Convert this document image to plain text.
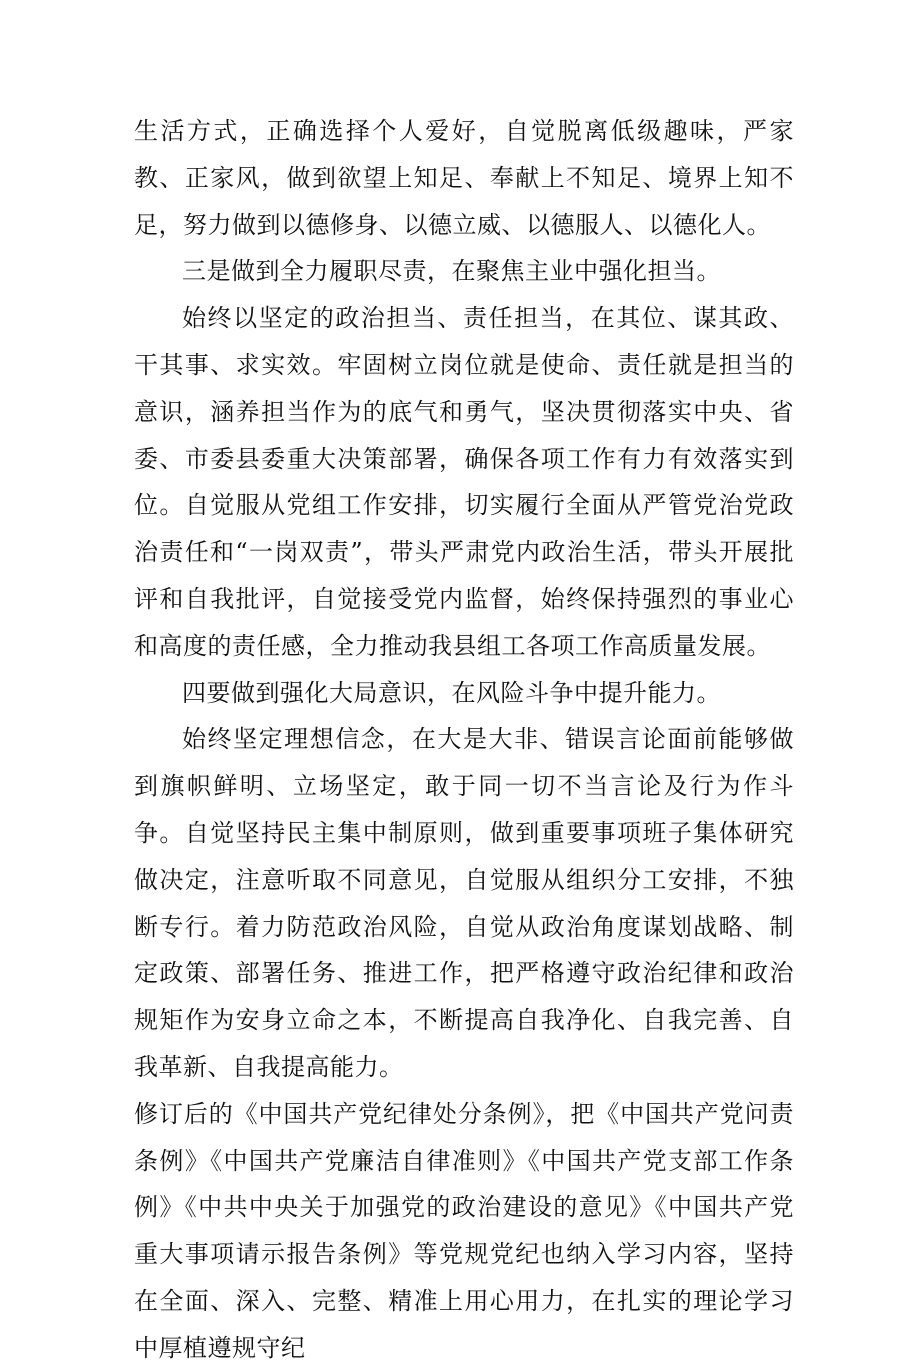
生活方式，正确选择个人爱好，自觉脱离低级趣味，严家教、正家风，做到欲望上知足、奉献上不知足、境界上知不足，努力做到以德修身、以德立威、以德服人、以德化人。

三是做到全力履职尽责，在聚焦主业中强化担当。

始终以坚定的政治担当、责任担当，在其位、谋其政、干其事、求实效。牢固树立岗位就是使命、责任就是担当的意识，涵养担当作为的底气和勇气，坚决贯彻落实中央、省委、市委县委重大决策部署，确保各项工作有力有效落实到位。自觉服从党组工作安排，切实履行全面从严管党治党政治责任和“一岗双责”，带头严肃党内政治生活，带头开展批评和自我批评，自觉接受党内监督，始终保持强烈的事业心和高度的责任感，全力推动我县组工各项工作高质量发展。

四要做到强化大局意识，在风险斗争中提升能力。

始终坚定理想信念，在大是大非、错误言论面前能够做到旗帜鲜明、立场坚定，敢于同一切不当言论及行为作斗争。自觉坚持民主集中制原则，做到重要事项班子集体研究做决定，注意听取不同意见，自觉服从组织分工安排，不独断专行。着力防范政治风险，自觉从政治角度谋划战略、制定政策、部署任务、推进工作，把严格遵守政治纪律和政治规矩作为安身立命之本，不断提高自我净化、自我完善、自我革新、自我提高能力。

修订后的《中国共产党纪律处分条例》，把《中国共产党问责条例》《中国共产党廉洁自律准则》《中国共产党支部工作条例》《中共中央关于加强党的政治建设的意见》《中国共产党重大事项请示报告条例》等党规党纪也纳入学习内容，坚持在全面、深入、完整、精准上用心用力，在扎实的理论学习中厚植遵规守纪
